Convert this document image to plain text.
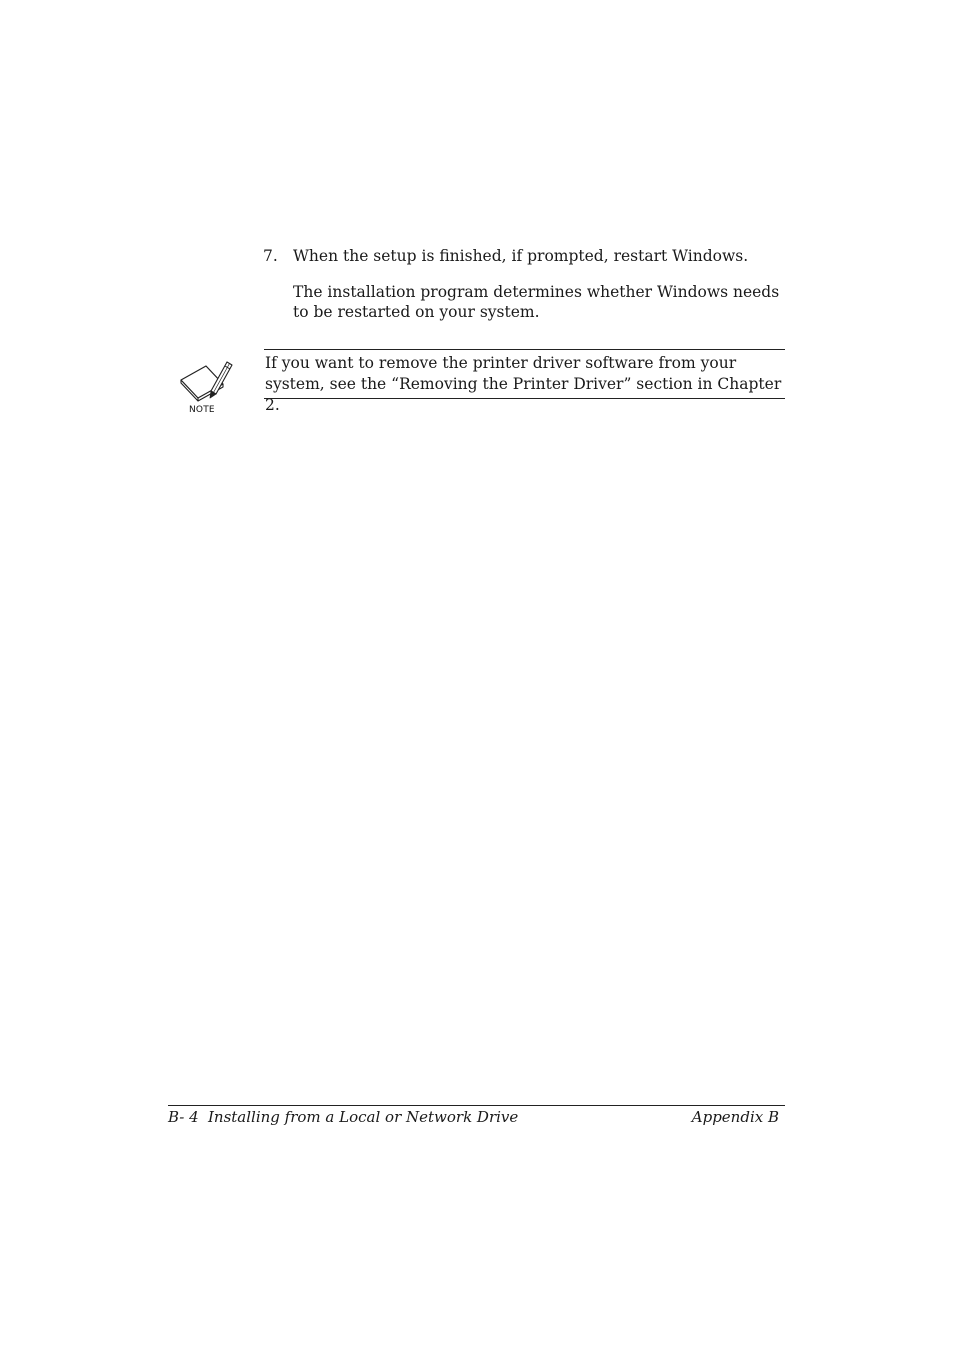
7. When the setup is finished, if prompted, restart Windows.
The installation program determines whether Windows needs to be restarted on your system.
NOTE
If you want to remove the printer driver software from your system, see the “Removing the Printer Driver” section in Chapter 2.
B- 4 Installing from a Local or Network Drive	Appendix B
